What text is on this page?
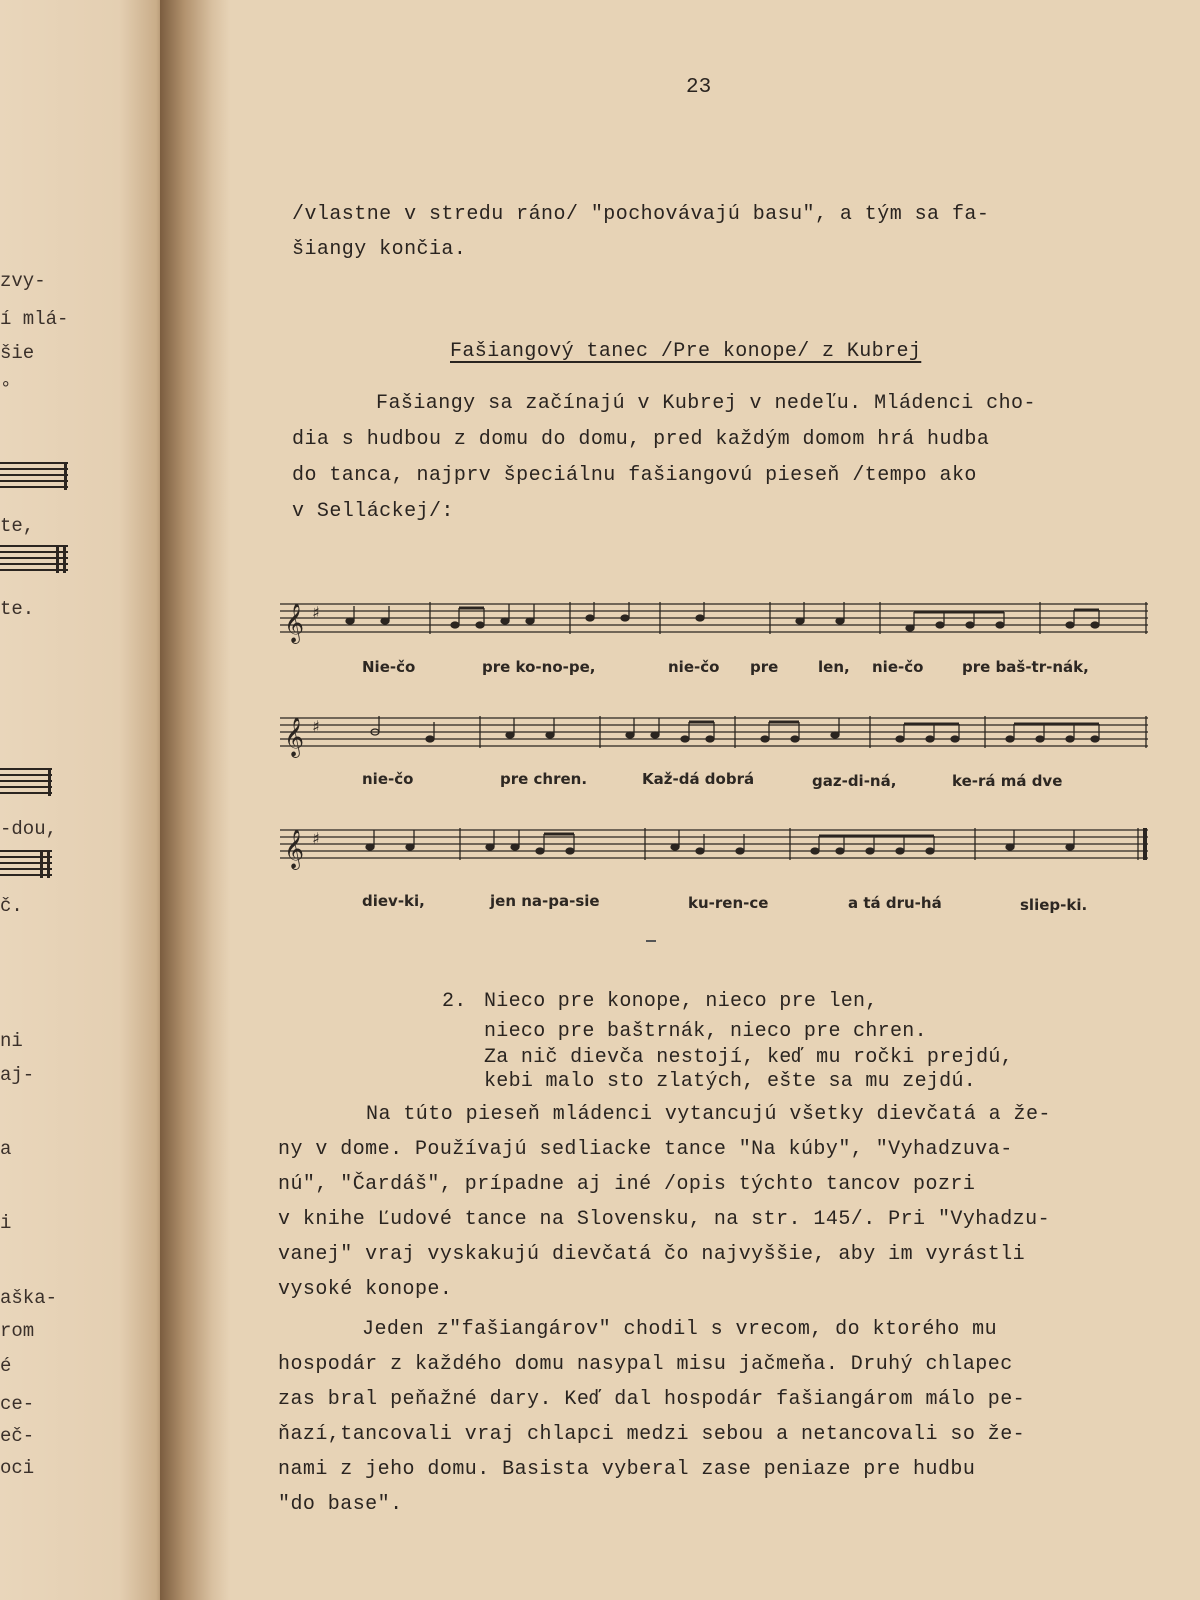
zvy-
í mlá-
šie
°
te,
te.
-dou,
č.
ni
aj-
a
i
aška-
rom
é
ce-
eč-
oci
23
/vlastne v stredu ráno/ "pochovávajú basu", a tým sa fa-
šiangy končia.
Fašiangový tanec /Pre konope/ z Kubrej
Fašiangy sa začínajú v Kubrej v nedeľu. Mládenci cho-
dia s hudbou z domu do domu, pred každým domom hrá hudba
do tanca, najprv špeciálnu fašiangovú pieseň /tempo ako
v Selláckej/:
𝄞 ♯
Nie-čo	pre ko-no-pe,	nie-čo pre	len, nie-čo	pre baš-tr-nák,
𝄞 ♯
nie-čo	pre chren.	Kaž-dá dobrá	gaz-di-ná,	ke-rá má dve
𝄞 ♯
diev-ki,	jen na-pa-sie	ku-ren-ce	a tá dru-há	sliep-ki.
2. Nieco pre konope, nieco pre len,
nieco pre baštrnák, nieco pre chren.
Za nič dievča nestojí, keď mu ročki prejdú,
kebi malo sto zlatých, ešte sa mu zejdú.
Na túto pieseň mládenci vytancujú všetky dievčatá a že-
ny v dome. Používajú sedliacke tance "Na kúby", "Vyhadzuva-
nú", "Čardáš", prípadne aj iné /opis týchto tancov pozri
v knihe Ľudové tance na Slovensku, na str. 145/. Pri "Vyhadzu-
vanej" vraj vyskakujú dievčatá čo najvyššie, aby im vyrástli
vysoké konope.
Jeden z"fašiangárov" chodil s vrecom, do ktorého mu
hospodár z každého domu nasypal misu jačmeňa. Druhý chlapec
zas bral peňažné dary. Keď dal hospodár fašiangárom málo pe-
ňazí,tancovali vraj chlapci medzi sebou a netancovali so že-
nami z jeho domu. Basista vyberal zase peniaze pre hudbu
"do base".
